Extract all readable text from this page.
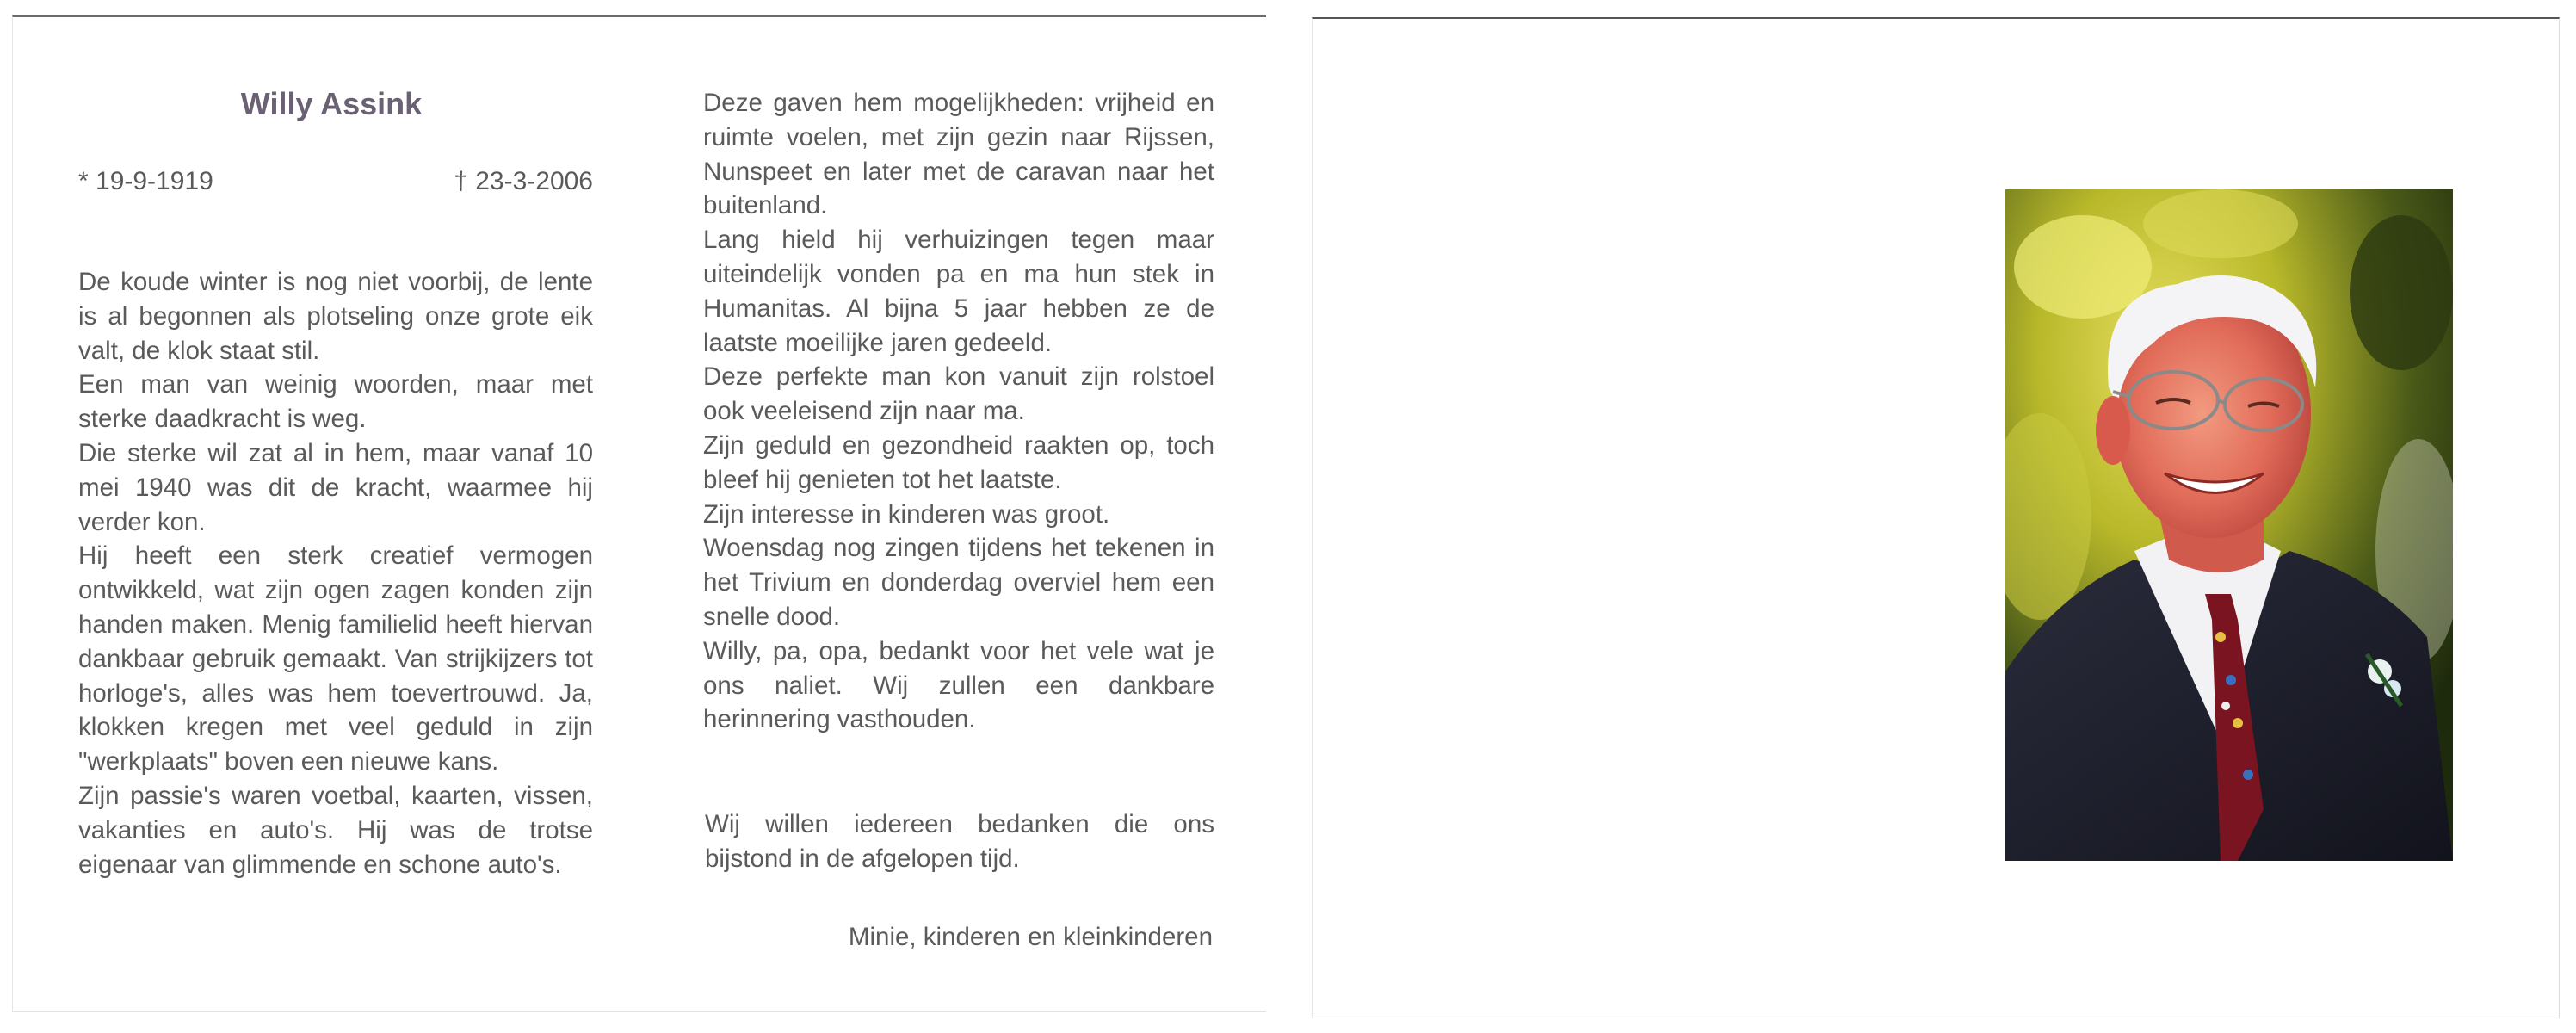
Willy Assink
* 19-9-1919	† 23-3-2006

De koude winter is nog niet voorbij, de lente is al begonnen als plotseling onze grote eik valt, de klok staat stil.

Een man van weinig woorden, maar met sterke daadkracht is weg.

Die sterke wil zat al in hem, maar vanaf 10 mei 1940 was dit de kracht, waarmee hij verder kon.

Hij heeft een sterk creatief vermogen ontwikkeld, wat zijn ogen zagen konden zijn handen maken. Menig familielid heeft hiervan dankbaar gebruik gemaakt. Van strijkijzers tot horloge's, alles was hem toevertrouwd. Ja, klokken kregen met veel geduld in zijn "werkplaats" boven een nieuwe kans.

Zijn passie's waren voetbal, kaarten, vissen, vakanties en auto's. Hij was de trotse eigenaar van glimmende en schone auto's.

Deze gaven hem mogelijkheden: vrijheid en ruimte voelen, met zijn gezin naar Rijssen, Nunspeet en later met de caravan naar het buitenland.

Lang hield hij verhuizingen tegen maar uiteindelijk vonden pa en ma hun stek in Humanitas. Al bijna 5 jaar hebben ze de laatste moeilijke jaren gedeeld.

Deze perfekte man kon vanuit zijn rolstoel ook veeleisend zijn naar ma.

Zijn geduld en gezondheid raakten op, toch bleef hij genieten tot het laatste.

Zijn interesse in kinderen was groot.

Woensdag nog zingen tijdens het tekenen in het Trivium en donderdag overviel hem een snelle dood.

Willy, pa, opa, bedankt voor het vele wat je ons naliet. Wij zullen een dankbare herinnering vasthouden.

Wij willen iedereen bedanken die ons bijstond in de afgelopen tijd.

Minie, kinderen en kleinkinderen
